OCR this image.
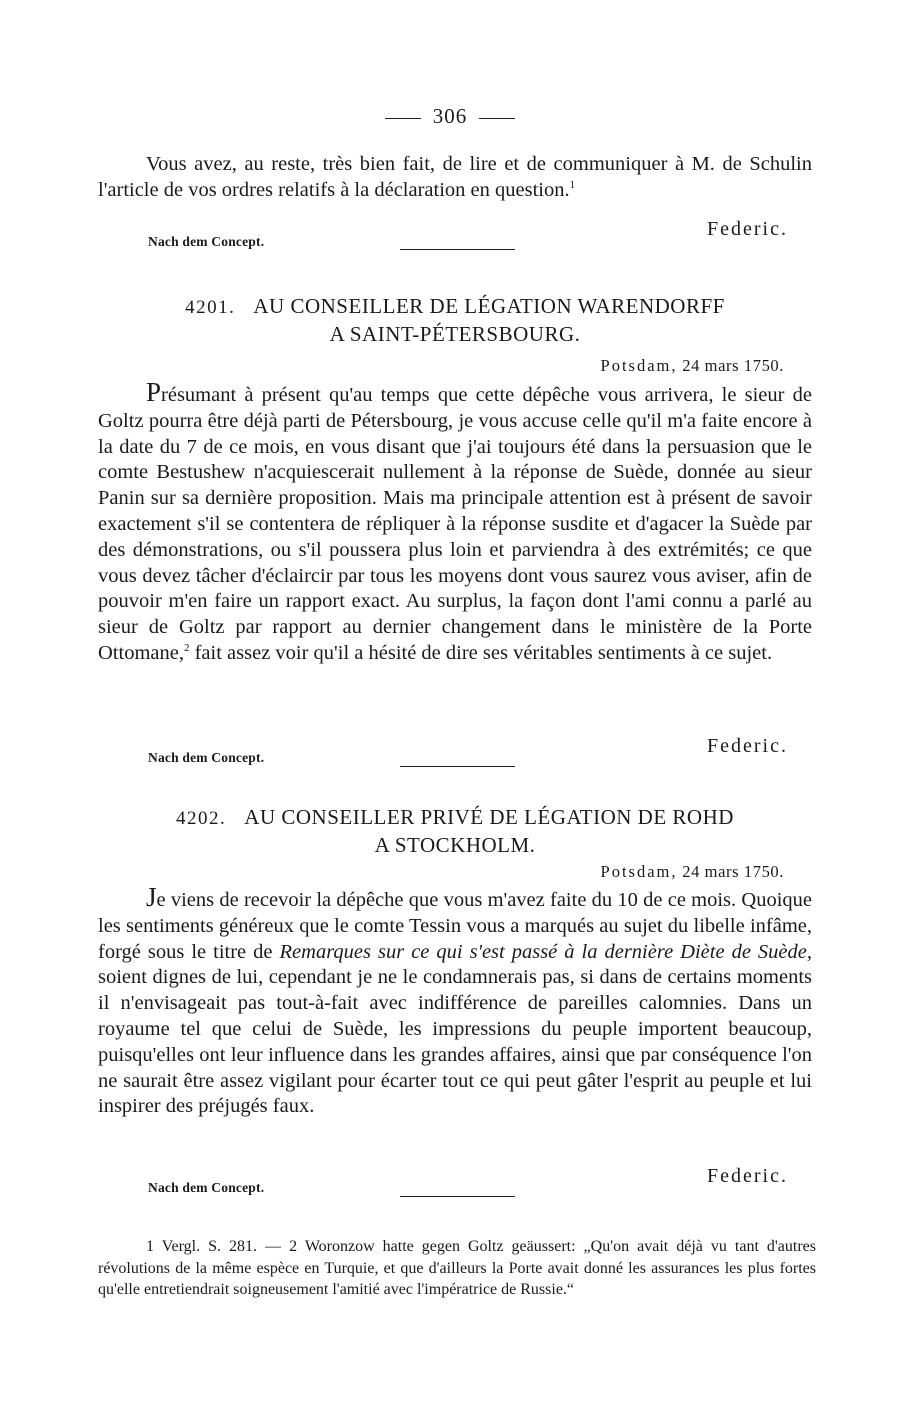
306
Vous avez, au reste, très bien fait, de lire et de communiquer à M. de Schulin l'article de vos ordres relatifs à la déclaration en question.$^1$
Nach dem Concept.
Federic.
4201. AU CONSEILLER DE LÉGATION WARENDORFF
A SAINT-PÉTERSBOURG.
Potsdam, 24 mars 1750.
Présumant à présent qu'au temps que cette dépêche vous arrivera, le sieur de Goltz pourra être déjà parti de Pétersbourg, je vous accuse celle qu'il m'a faite encore à la date du 7 de ce mois, en vous disant que j'ai toujours été dans la persuasion que le comte Bestushew n'acquiescerait nullement à la réponse de Suède, donnée au sieur Panin sur sa dernière proposition. Mais ma principale attention est à présent de savoir exactement s'il se contentera de répliquer à la réponse susdite et d'agacer la Suède par des démonstrations, ou s'il poussera plus loin et parviendra à des extrémités; ce que vous devez tâcher d'éclaircir par tous les moyens dont vous saurez vous aviser, afin de pouvoir m'en faire un rapport exact. Au surplus, la façon dont l'ami connu a parlé au sieur de Goltz par rapport au dernier changement dans le ministère de la Porte Ottomane,$^2$ fait assez voir qu'il a hésité de dire ses véritables sentiments à ce sujet.
Nach dem Concept.
Federic.
4202. AU CONSEILLER PRIVÉ DE LÉGATION DE ROHD
A STOCKHOLM.
Potsdam, 24 mars 1750.
Je viens de recevoir la dépêche que vous m'avez faite du 10 de ce mois. Quoique les sentiments généreux que le comte Tessin vous a marqués au sujet du libelle infâme, forgé sous le titre de Remarques sur ce qui s'est passé à la dernière Diète de Suède, soient dignes de lui, cependant je ne le condamnerais pas, si dans de certains moments il n'envisageait pas tout-à-fait avec indifférence de pareilles calomnies. Dans un royaume tel que celui de Suède, les impressions du peuple importent beaucoup, puisqu'elles ont leur influence dans les grandes affaires, ainsi que par conséquence l'on ne saurait être assez vigilant pour écarter tout ce qui peut gâter l'esprit au peuple et lui inspirer des préjugés faux.
Nach dem Concept.
Federic.
1 Vergl. S. 281. — 2 Woronzow hatte gegen Goltz geäussert: „Qu'on avait déjà vu tant d'autres révolutions de la même espèce en Turquie, et que d'ailleurs la Porte avait donné les assurances les plus fortes qu'elle entretiendrait soigneusement l'amitié avec l'impératrice de Russie.“
